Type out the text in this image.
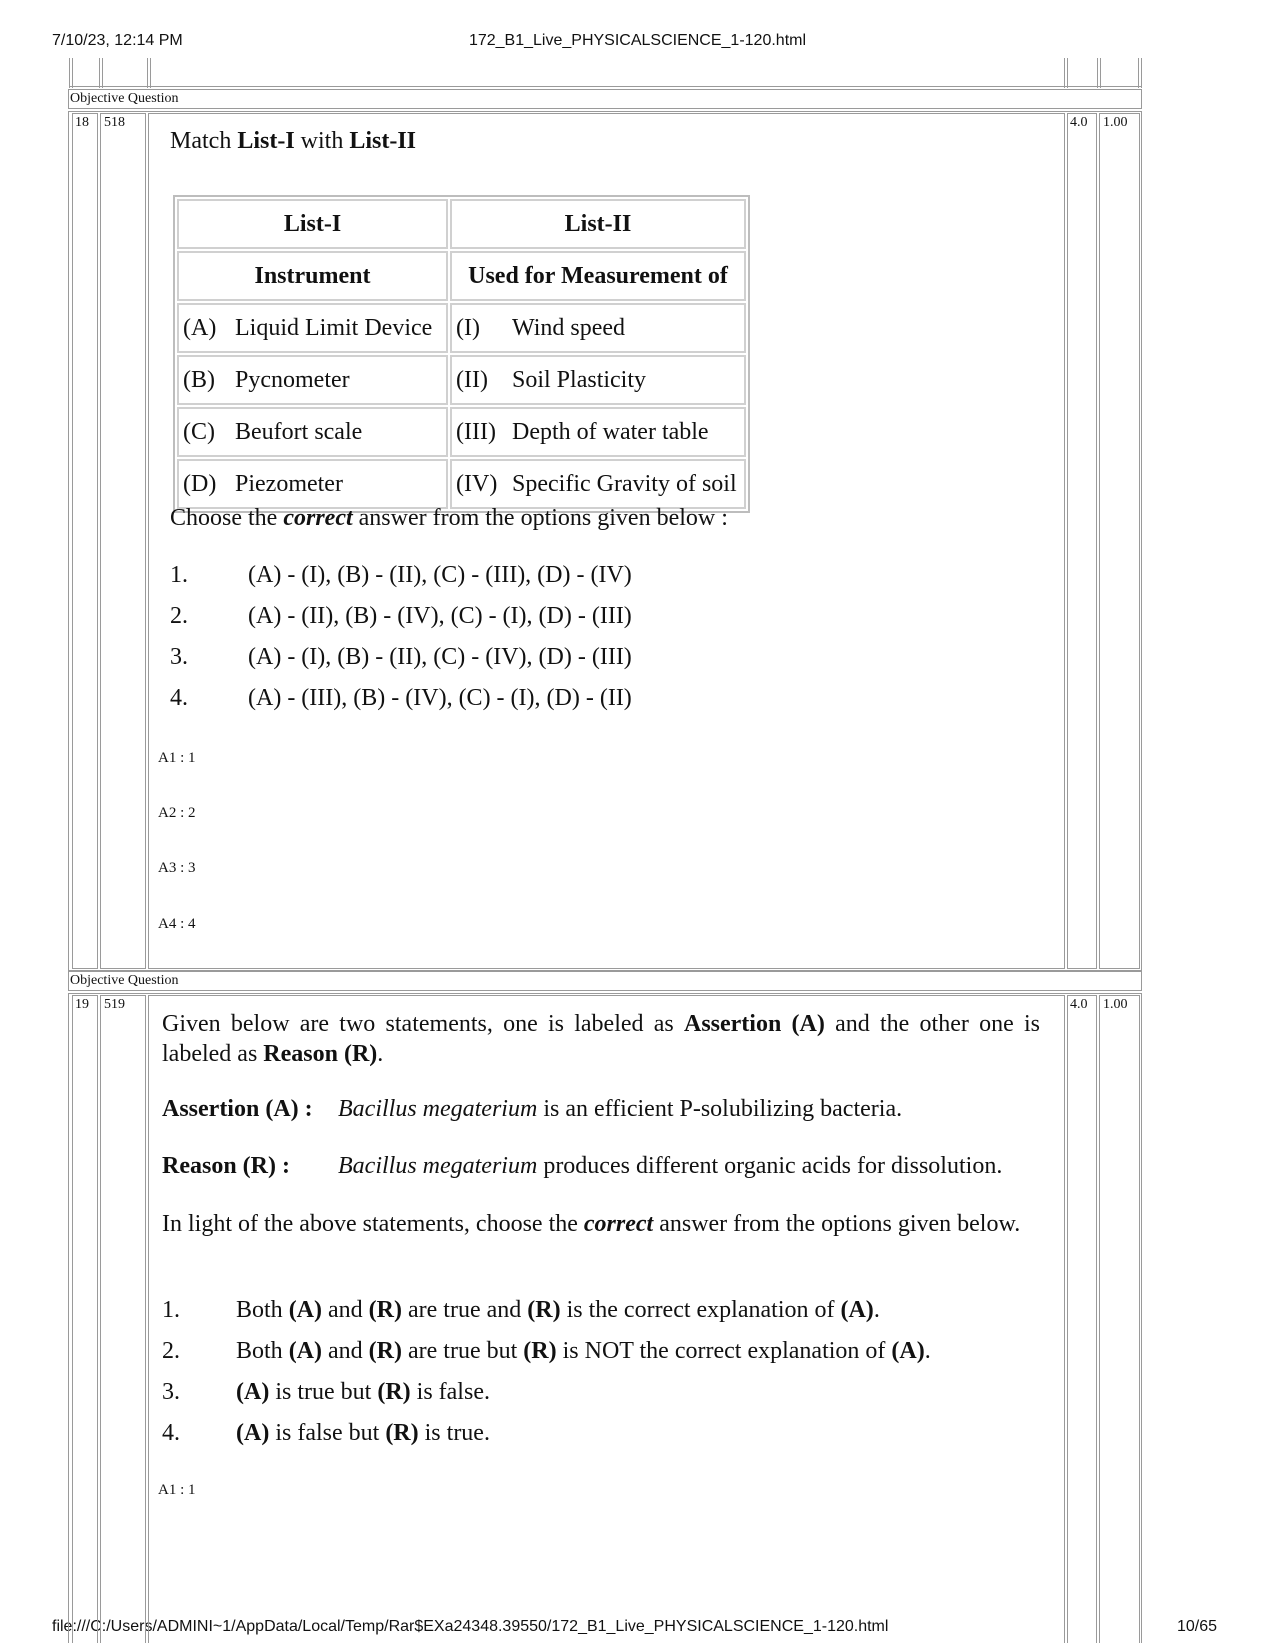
7/10/23, 12:14 PM	172_B1_Live_PHYSICALSCIENCE_1-120.html
file:///C:/Users/ADMINI~1/AppData/Local/Temp/Rar$EXa24348.39550/172_B1_Live_PHYSICALSCIENCE_1-120.html	10/65
Objective Question
18 518	4.0 1.00
Match List-I with List-II
List-I	List-II
Instrument	Used for Measurement of
(A) Liquid Limit Device	(I) Wind speed
(B) Pycnometer	(II) Soil Plasticity
(C) Beufort scale	(III) Depth of water table
(D) Piezometer	(IV) Specific Gravity of soil
Choose the correct answer from the options given below :
1.	(A) - (I), (B) - (II), (C) - (III), (D) - (IV)
2.	(A) - (II), (B) - (IV), (C) - (I), (D) - (III)
3.	(A) - (I), (B) - (II), (C) - (IV), (D) - (III)
4.	(A) - (III), (B) - (IV), (C) - (I), (D) - (II)
A1 : 1
A2 : 2
A3 : 3
A4 : 4
Objective Question
19 519	4.0 1.00
Given below are two statements, one is labeled as Assertion (A) and the other one is labeled as Reason (R).
Assertion (A) : Bacillus megaterium is an efficient P-solubilizing bacteria.
Reason (R) : Bacillus megaterium produces different organic acids for dissolution.
In light of the above statements, choose the correct answer from the options given below.
1. Both (A) and (R) are true and (R) is the correct explanation of (A).
2. Both (A) and (R) are true but (R) is NOT the correct explanation of (A).
3. (A) is true but (R) is false.
4. (A) is false but (R) is true.
A1 : 1
